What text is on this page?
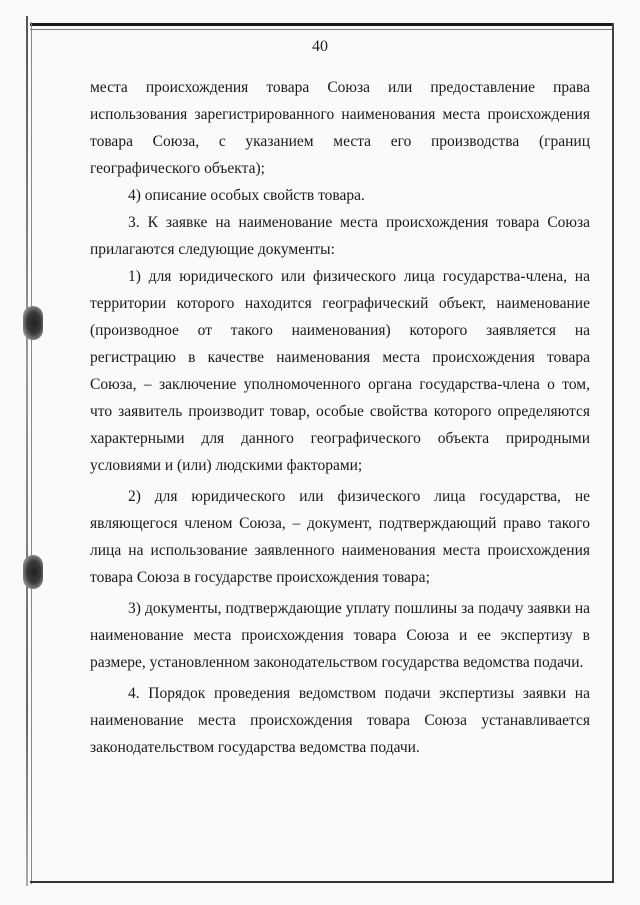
40

места происхождения товара Союза или предоставление права использования зарегистрированного наименования места происхождения товара Союза, с указанием места его производства (границ географического объекта);

4) описание особых свойств товара.

3. К заявке на наименование места происхождения товара Союза прилагаются следующие документы:

1) для юридического или физического лица государства-члена, на территории которого находится географический объект, наименование (производное от такого наименования) которого заявляется на регистрацию в качестве наименования места происхождения товара Союза, – заключение уполномоченного органа государства-члена о том, что заявитель производит товар, особые свойства которого определяются характерными для данного географического объекта природными условиями и (или) людскими факторами;

2) для юридического или физического лица государства, не являющегося членом Союза, – документ, подтверждающий право такого лица на использование заявленного наименования места происхождения товара Союза в государстве происхождения товара;

3) документы, подтверждающие уплату пошлины за подачу заявки на наименование места происхождения товара Союза и ее экспертизу в размере, установленном законодательством государства ведомства подачи.

4. Порядок проведения ведомством подачи экспертизы заявки на наименование места происхождения товара Союза устанавливается законодательством государства ведомства подачи.
